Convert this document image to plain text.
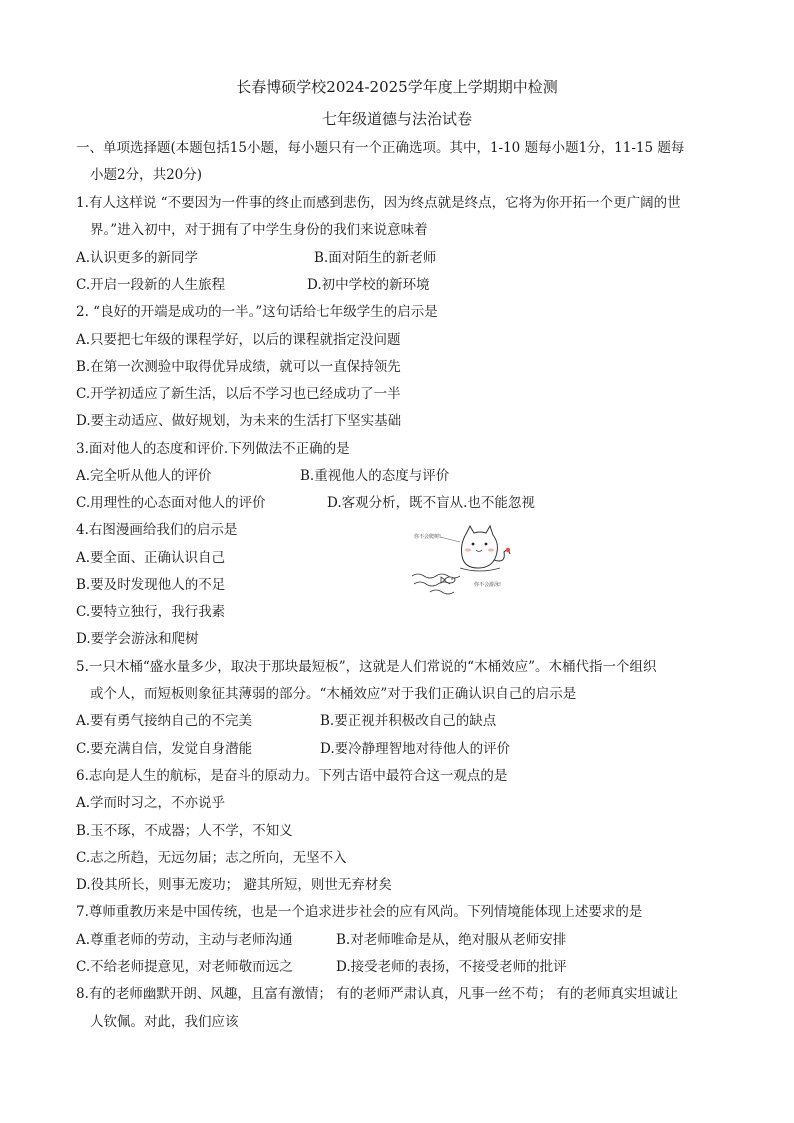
长春博硕学校2024-2025学年度上学期期中检测
七年级道德与法治试卷
一、单项选择题(本题包括15小题，每小题只有一个正确选项。其中，1-10 题每小题1分，11-15 题每
小题2分，共20分)
1.有人这样说 “不要因为一件事的终止而感到悲伤，因为终点就是终点，它将为你开拓一个更广阔的世
界。”进入初中，对于拥有了中学生身份的我们来说意味着
A.认识更多的新同学	B.面对陌生的新老师
C.开启一段新的人生旅程	D.初中学校的新环境
2. “良好的开端是成功的一半。”这句话给七年级学生的启示是
A.只要把七年级的课程学好，以后的课程就指定没问题
B.在第一次测验中取得优异成绩，就可以一直保持领先
C.开学初适应了新生活，以后不学习也已经成功了一半
D.要主动适应、做好规划，为未来的生活打下坚实基础
3.面对他人的态度和评价.下列做法不正确的是
A.完全听从他人的评价	B.重视他人的态度与评价
C.用理性的心态面对他人的评价	D.客观分析，既不盲从.也不能忽视
4.右图漫画给我们的启示是
A.要全面、正确认识自己
B.要及时发现他人的不足
C.要特立独行，我行我素
D.要学会游泳和爬树
你不会爬树!
你不会游泳!
5.一只木桶“盛水量多少，取决于那块最短板”，这就是人们常说的“木桶效应”。木桶代指一个组织
或个人，而短板则象征其薄弱的部分。“木桶效应”对于我们正确认识自己的启示是
A.要有勇气接纳自己的不完美	B.要正视并积极改自己的缺点
C.要充满自信，发觉自身潜能	D.要冷静理智地对待他人的评价
6.志向是人生的航标，是奋斗的原动力。下列古语中最符合这一观点的是
A.学而时习之，不亦说乎
B.玉不琢，不成器；人不学，不知义
C.志之所趋，无远勿届；志之所向，无坚不入
D.役其所长，则事无废功； 避其所短，则世无弃材矣
7.尊师重教历来是中国传统，也是一个追求进步社会的应有风尚。下列情境能体现上述要求的是
A.尊重老师的劳动，主动与老师沟通	B.对老师唯命是从，绝对服从老师安排
C.不给老师提意见，对老师敬而远之	D.接受老师的表扬，不接受老师的批评
8.有的老师幽默开朗、风趣，且富有激情； 有的老师严肃认真，凡事一丝不苟； 有的老师真实坦诚让
人钦佩。对此，我们应该
